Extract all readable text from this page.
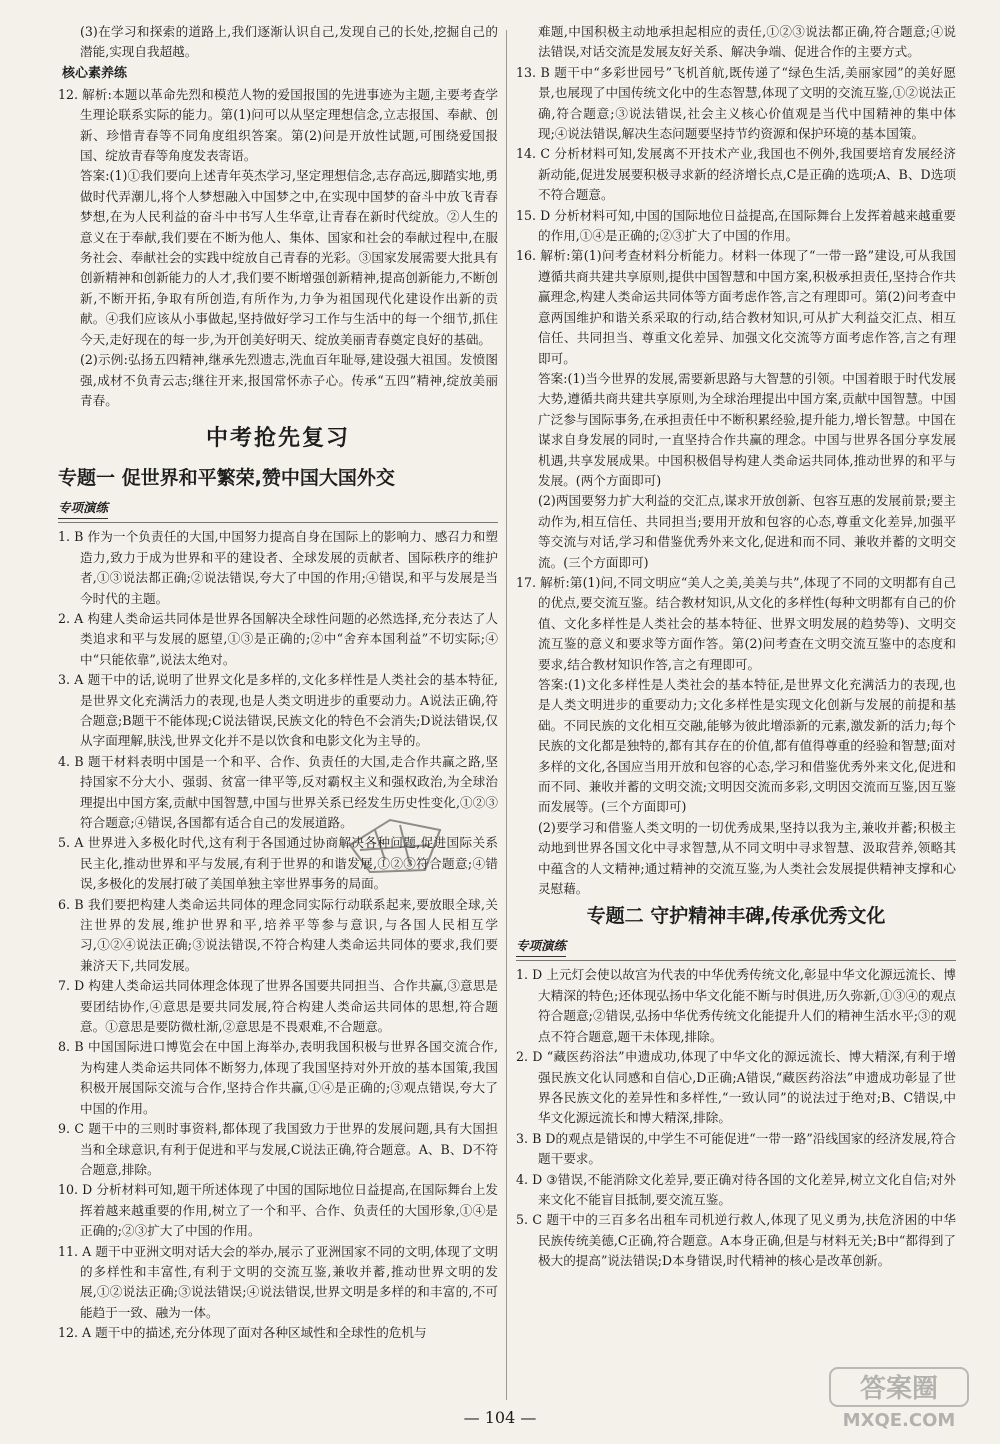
(3)在学习和探索的道路上,我们逐渐认识自己,发现自己的长处,挖掘自己的潜能,实现自我超越。

核心素养练

12. 解析:本题以革命先烈和模范人物的爱国报国的先进事迹为主题,主要考查学生理论联系实际的能力。第(1)问可以从坚定理想信念,立志报国、奉献、创新、珍惜青春等不同角度组织答案。第(2)问是开放性试题,可围绕爱国报国、绽放青春等角度发表寄语。

答案:(1)①我们要向上述青年英杰学习,坚定理想信念,志存高远,脚踏实地,勇做时代弄潮儿,将个人梦想融入中国梦之中,在实现中国梦的奋斗中放飞青春梦想,在为人民利益的奋斗中书写人生华章,让青春在新时代绽放。②人生的意义在于奉献,我们要在不断为他人、集体、国家和社会的奉献过程中,在服务社会、奉献社会的实践中绽放自己青春的光彩。③国家发展需要大批具有创新精神和创新能力的人才,我们要不断增强创新精神,提高创新能力,不断创新,不断开拓,争取有所创造,有所作为,力争为祖国现代化建设作出新的贡献。④我们应该从小事做起,坚持做好学习工作与生活中的每一个细节,抓住今天,走好现在的每一步,为开创美好明天、绽放美丽青春奠定良好的基础。

(2)示例:弘扬五四精神,继承先烈遗志,洗血百年耻辱,建设强大祖国。发愤图强,成材不负青云志;继往开来,报国常怀赤子心。传承“五四”精神,绽放美丽青春。

中考抢先复习

专题一 促世界和平繁荣,赞中国大国外交

专项演练

1. B 作为一个负责任的大国,中国努力提高自身在国际上的影响力、感召力和塑造力,致力于成为世界和平的建设者、全球发展的贡献者、国际秩序的维护者,①③说法都正确;②说法错误,夸大了中国的作用;④错误,和平与发展是当今时代的主题。

2. A 构建人类命运共同体是世界各国解决全球性问题的必然选择,充分表达了人类追求和平与发展的愿望,①③是正确的;②中“舍弃本国利益”不切实际;④中“只能依靠”,说法太绝对。

3. A 题干中的话,说明了世界文化是多样的,文化多样性是人类社会的基本特征,是世界文化充满活力的表现,也是人类文明进步的重要动力。A说法正确,符合题意;B题干不能体现;C说法错误,民族文化的特色不会消失;D说法错误,仅从字面理解,肤浅,世界文化并不是以饮食和电影文化为主导的。

4. B 题干材料表明中国是一个和平、合作、负责任的大国,走合作共赢之路,坚持国家不分大小、强弱、贫富一律平等,反对霸权主义和强权政治,为全球治理提出中国方案,贡献中国智慧,中国与世界关系已经发生历史性变化,①②③符合题意;④错误,各国都有适合自己的发展道路。

5. A 世界进入多极化时代,这有利于各国通过协商解决各种问题,促进国际关系民主化,推动世界和平与发展,有利于世界的和谐发展,①②③符合题意;④错误,多极化的发展打破了美国单独主宰世界事务的局面。

6. B 我们要把构建人类命运共同体的理念同实际行动联系起来,要放眼全球,关注世界的发展,维护世界和平,培养平等参与意识,与各国人民相互学习,①②④说法正确;③说法错误,不符合构建人类命运共同体的要求,我们要兼济天下,共同发展。

7. D 构建人类命运共同体理念体现了世界各国要共同担当、合作共赢,③意思是要团结协作,④意思是要共同发展,符合构建人类命运共同体的思想,符合题意。①意思是要防微杜渐,②意思是不畏艰难,不合题意。

8. B 中国国际进口博览会在中国上海举办,表明我国积极与世界各国交流合作,为构建人类命运共同体不断努力,体现了我国坚持对外开放的基本国策,我国积极开展国际交流与合作,坚持合作共赢,①④是正确的;③观点错误,夸大了中国的作用。

9. C 题干中的三则时事资料,都体现了我国致力于世界的发展问题,具有大国担当和全球意识,有利于促进和平与发展,C说法正确,符合题意。A、B、D不符合题意,排除。

10. D 分析材料可知,题干所述体现了中国的国际地位日益提高,在国际舞台上发挥着越来越重要的作用,树立了一个和平、合作、负责任的大国形象,①④是正确的;②③扩大了中国的作用。

11. A 题干中亚洲文明对话大会的举办,展示了亚洲国家不同的文明,体现了文明的多样性和丰富性,有利于文明的交流互鉴,兼收并蓄,推动世界文明的发展,①②说法正确;③说法错误;④说法错误,世界文明是多样的和丰富的,不可能趋于一致、融为一体。

12. A 题干中的描述,充分体现了面对各种区域性和全球性的危机与

难题,中国积极主动地承担起相应的责任,①②③说法都正确,符合题意;④说法错误,对话交流是发展友好关系、解决争端、促进合作的主要方式。

13. B 题干中“多彩世园号”飞机首航,既传递了“绿色生活,美丽家园”的美好愿景,也展现了中国传统文化中的生态智慧,体现了文明的交流互鉴,①②说法正确,符合题意;③说法错误,社会主义核心价值观是当代中国精神的集中体现;④说法错误,解决生态问题要坚持节约资源和保护环境的基本国策。

14. C 分析材料可知,发展离不开技术产业,我国也不例外,我国要培育发展经济新动能,促进发展要积极寻求新的经济增长点,C是正确的选项;A、B、D选项不符合题意。

15. D 分析材料可知,中国的国际地位日益提高,在国际舞台上发挥着越来越重要的作用,①④是正确的;②③扩大了中国的作用。

16. 解析:第(1)问考查材料分析能力。材料一体现了“一带一路”建设,可从我国遵循共商共建共享原则,提供中国智慧和中国方案,积极承担责任,坚持合作共赢理念,构建人类命运共同体等方面考虑作答,言之有理即可。第(2)问考查中意两国维护和谐关系采取的行动,结合教材知识,可从扩大利益交汇点、相互信任、共同担当、尊重文化差异、加强文化交流等方面考虑作答,言之有理即可。

答案:(1)当今世界的发展,需要新思路与大智慧的引领。中国着眼于时代发展大势,遵循共商共建共享原则,为全球治理提出中国方案,贡献中国智慧。中国广泛参与国际事务,在承担责任中不断积累经验,提升能力,增长智慧。中国在谋求自身发展的同时,一直坚持合作共赢的理念。中国与世界各国分享发展机遇,共享发展成果。中国积极倡导构建人类命运共同体,推动世界的和平与发展。(两个方面即可)

(2)两国要努力扩大利益的交汇点,谋求开放创新、包容互惠的发展前景;要主动作为,相互信任、共同担当;要用开放和包容的心态,尊重文化差异,加强平等交流与对话,学习和借鉴优秀外来文化,促进和而不同、兼收并蓄的文明交流。(三个方面即可)

17. 解析:第(1)问,不同文明应“美人之美,美美与共”,体现了不同的文明都有自己的优点,要交流互鉴。结合教材知识,从文化的多样性(每种文明都有自己的价值、文化多样性是人类社会的基本特征、世界文明发展的趋势等)、文明交流互鉴的意义和要求等方面作答。第(2)问考查在文明交流互鉴中的态度和要求,结合教材知识作答,言之有理即可。

答案:(1)文化多样性是人类社会的基本特征,是世界文化充满活力的表现,也是人类文明进步的重要动力;文化多样性是实现文化创新与发展的前提和基础。不同民族的文化相互交融,能够为彼此增添新的元素,激发新的活力;每个民族的文化都是独特的,都有其存在的价值,都有值得尊重的经验和智慧;面对多样的文化,各国应当用开放和包容的心态,学习和借鉴优秀外来文化,促进和而不同、兼收并蓄的文明交流;文明因交流而多彩,文明因交流而互鉴,因互鉴而发展等。(三个方面即可)

(2)要学习和借鉴人类文明的一切优秀成果,坚持以我为主,兼收并蓄;积极主动地到世界各国文化中寻求智慧,从不同文明中寻求智慧、汲取营养,领略其中蕴含的人文精神;通过精神的交流互鉴,为人类社会发展提供精神支撑和心灵慰藉。

专题二 守护精神丰碑,传承优秀文化

专项演练

1. D 上元灯会使以故宫为代表的中华优秀传统文化,彰显中华文化源远流长、博大精深的特色;还体现弘扬中华文化能不断与时俱进,历久弥新,①③④的观点符合题意;②错误,弘扬中华优秀传统文化能提升人们的精神生活水平;③的观点不符合题意,题干未体现,排除。

2. D “藏医药浴法”申遗成功,体现了中华文化的源远流长、博大精深,有利于增强民族文化认同感和自信心,D正确;A错误,“藏医药浴法”申遗成功彰显了世界各民族文化的差异性和多样性,“一致认同”的说法过于绝对;B、C错误,中华文化源远流长和博大精深,排除。

3. B D的观点是错误的,中学生不可能促进“一带一路”沿线国家的经济发展,符合题干要求。

4. D ③错误,不能消除文化差异,要正确对待各国的文化差异,树立文化自信;对外来文化不能盲目抵制,要交流互鉴。

5. C 题干中的三百多名出租车司机逆行救人,体现了见义勇为,扶危济困的中华民族传统美德,C正确,符合题意。A本身正确,但是与材料无关;B中“都得到了极大的提高”说法错误;D本身错误,时代精神的核心是改革创新。

— 104 —
答案圈
MXQE.COM
